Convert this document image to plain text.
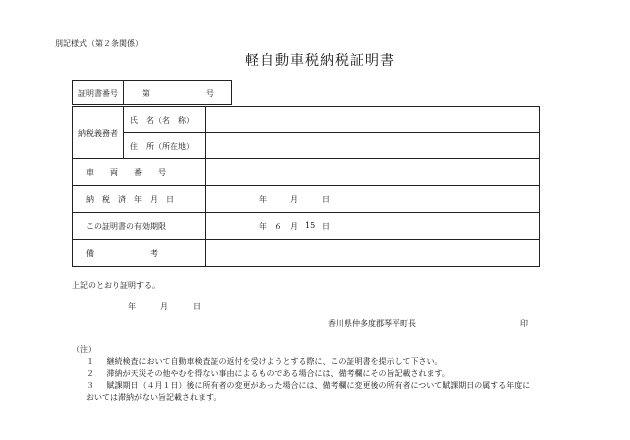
別記様式（第２条関係）
軽自動車税納税証明書
証明書番号	第	号
納税義務者
氏　名（名　称）
住　所（所在地）
車　　両　　番　　号
納　税　済　年　月　日	年	月	日
この証明書の有効期限	年 ６ 月 15 日
備　　　　　　　考
上記のとおり証明する。
年	月	日
香川県仲多度郡琴平町長	印
（注）
１ 継続検査において自動車検査証の返付を受けようとする際に、この証明書を提示して下さい。
２ 滞納が天災その他やむを得ない事由によるものである場合には、備考欄にその旨記載されます。
３ 賦課期日（４月１日）後に所有者の変更があった場合には、備考欄に変更後の所有者について賦課期日の属する年度に
おいては滞納がない旨記載されます。
